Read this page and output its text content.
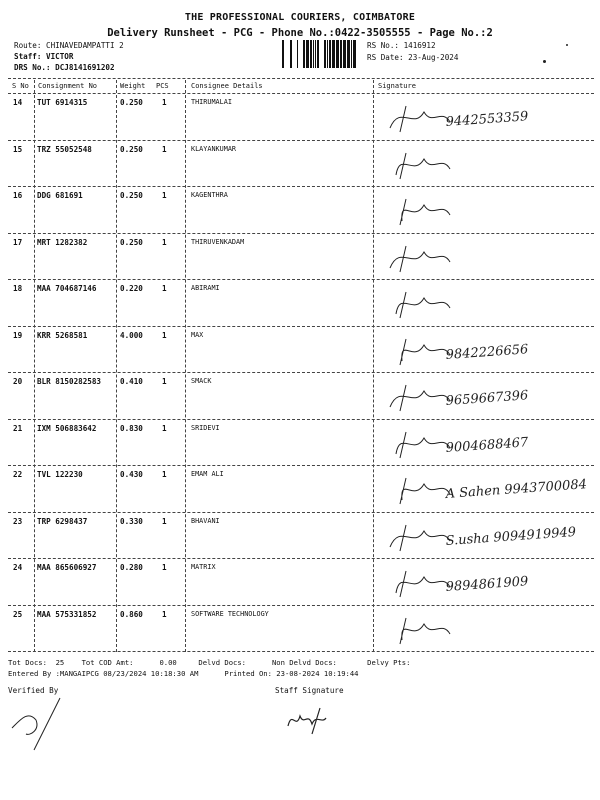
THE PROFESSIONAL COURIERS, COIMBATORE
Delivery Runsheet - PCG - Phone No.:0422-3505555 - Page No.:2
Route: CHINAVEDAMPATTI 2
Staff: VICTOR
DRS No.: DCJ8141691202
RS No.: 1416912
RS Date: 23-Aug-2024
S No Consignment No	Weight PCS	Consignee Details	Signature
14 TUT 6914315	0.250	1	THIRUMALAI
9442553359
15 TRZ 55052548	0.250	1	KLAYANKUMAR
16 DDG 681691	0.250	1	KAGENTHRA
17 MRT 1282382	0.250	1	THIRUVENKADAM
18 MAA 704687146	0.220	1	ABIRAMI
19 KRR 5268581	4.000	1	MAX
9842226656
20 BLR 8150282583 0.410	1	SMACK
9659667396
21 IXM 506883642	0.830	1	SRIDEVI
9004688467
22 TVL 122230	0.430	1	EMAM ALI
A Sahen 9943700084
23 TRP 6298437	0.330	1	BHAVANI
S.usha 9094919949
24 MAA 865606927	0.280	1	MATRIX
9894861909
25 MAA 575331852	0.860	1	SOFTWARE TECHNOLOGY
Tot Docs:  25    Tot COD Amt:      0.00     Delvd Docs:      Non Delvd Docs:       Delvy Pts:
Entered By :MANGAIPCG 08/23/2024 10:18:30 AM      Printed On: 23-08-2024 10:19:44
Verified By	Staff Signature
